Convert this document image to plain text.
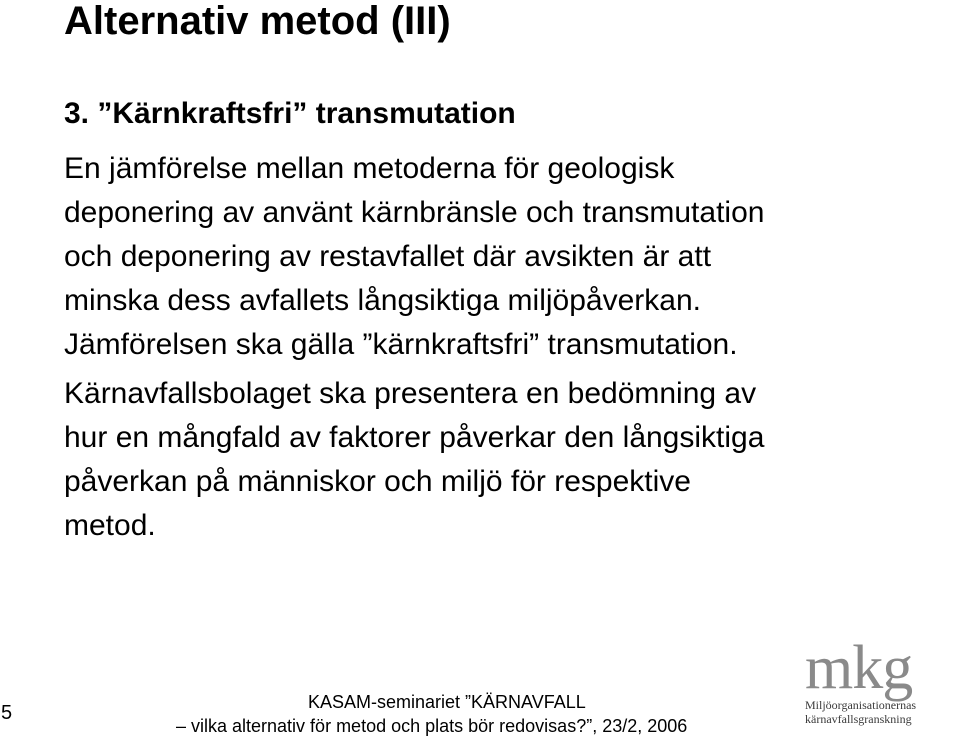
Alternativ metod (III)
3. ”Kärnkraftsfri” transmutation

En jämförelse mellan metoderna för geologisk
deponering av använt kärnbränsle och transmutation
och deponering av restavfallet där avsikten är att
minska dess avfallets långsiktiga miljöpåverkan.
Jämförelsen ska gälla ”kärnkraftsfri” transmutation.

Kärnavfallsbolaget ska presentera en bedömning av
hur en mångfald av faktorer påverkar den långsiktiga
påverkan på människor och miljö för respektive
metod.

5	KASAM-seminariet ”KÄRNAVFALL
– vilka alternativ för metod och plats bör redovisas?”, 23/2, 2006
mkg
Miljöorganisationernas
kärnavfallsgranskning
